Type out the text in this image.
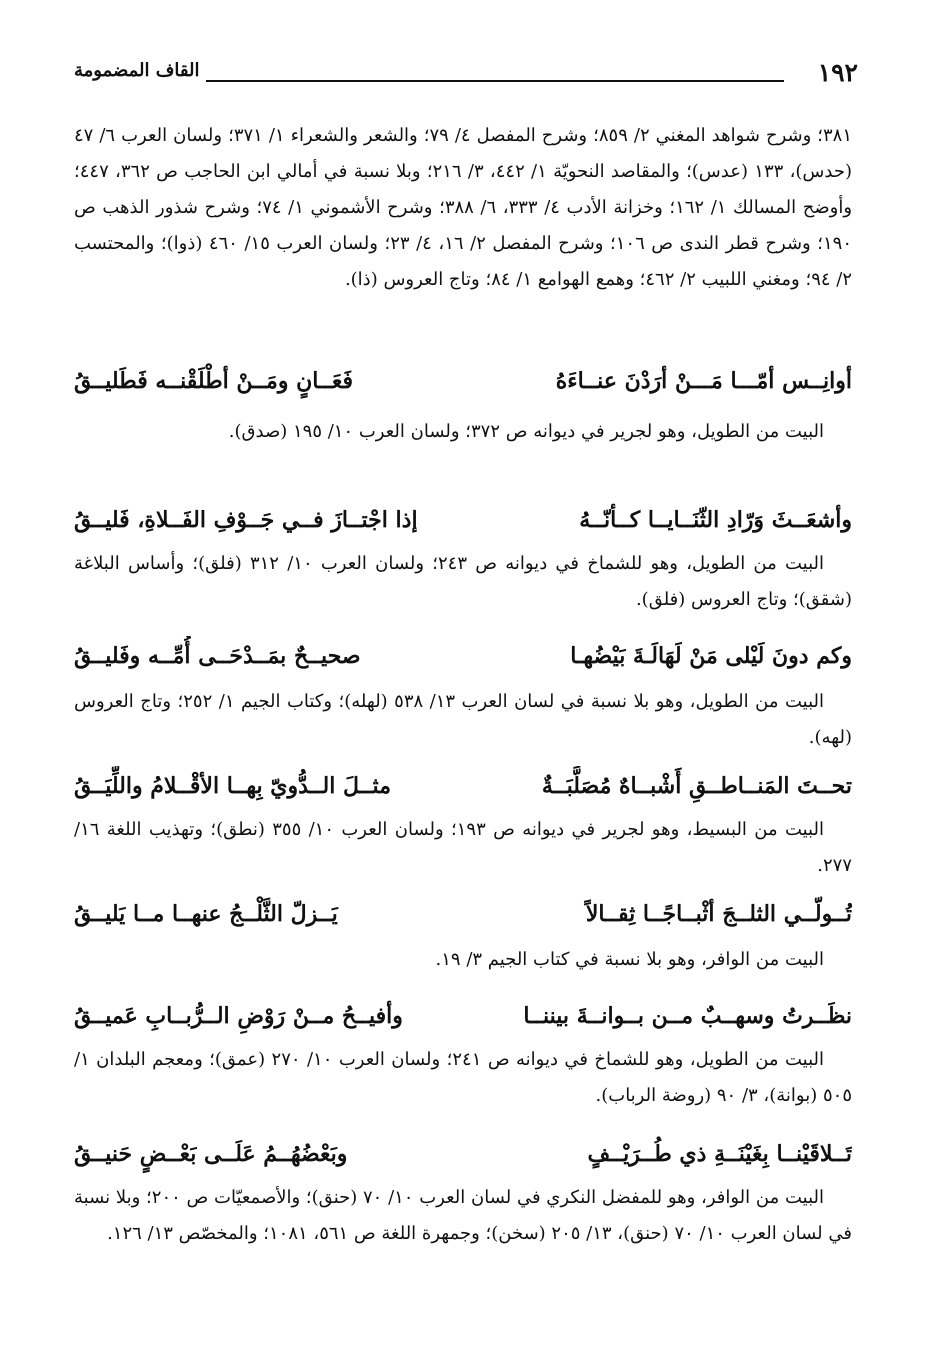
١٩٢
القاف المضمومة

٣٨١؛ وشرح شواهد المغني ٢/ ٨٥٩؛ وشرح المفصل ٤/ ٧٩؛ والشعر والشعراء ١/ ٣٧١؛ ولسان العرب ٦/ ٤٧ (حدس)، ١٣٣ (عدس)؛ والمقاصد النحويّة ١/ ٤٤٢، ٣/ ٢١٦؛ وبلا نسبة في أمالي ابن الحاجب ص ٣٦٢، ٤٤٧؛ وأوضح المسالك ١/ ١٦٢؛ وخزانة الأدب ٤/ ٣٣٣، ٦/ ٣٨٨؛ وشرح الأشموني ١/ ٧٤؛ وشرح شذور الذهب ص ١٩٠؛ وشرح قطر الندى ص ١٠٦؛ وشرح المفصل ٢/ ١٦، ٤/ ٢٣؛ ولسان العرب ١٥/ ٤٦٠ (ذوا)؛ والمحتسب ٢/ ٩٤؛ ومغني اللبيب ٢/ ٤٦٢؛ وهمع الهوامع ١/ ٨٤؛ وتاج العروس (ذا).

أوانِــس أمّـــا مَـــنْ أرَدْنَ عنــاءَهُ
فَعَــانٍ ومَــنْ أطْلَقْنــه فَطَليــقُ

البيت من الطويل، وهو لجرير في ديوانه ص ٣٧٢؛ ولسان العرب ١٠/ ١٩٥ (صدق).

وأشعَــثَ وَرّادِ الثّنَــايــا كــأنّــهُ
إذا اجْتــازَ فــي جَــوْفِ الفَــلاةِ، فَليــقُ

البيت من الطويل، وهو للشماخ في ديوانه ص ٢٤٣؛ ولسان العرب ١٠/ ٣١٢ (فلق)؛ وأساس البلاغة (شقق)؛ وتاج العروس (فلق).

وكم دونَ لَيْلى مَنْ لَهَالَـةَ بَيْضُهـا
صحيــحٌ بمَــدْحَــى أُمِّــه وفَليــقُ

البيت من الطويل، وهو بلا نسبة في لسان العرب ١٣/ ٥٣٨ (لهله)؛ وكتاب الجيم ١/ ٢٥٢؛ وتاج العروس (لهه).

تحــتَ المَنــاطــقِ أَشْبــاهٌ مُصَلَّبَــةٌ
مثــلَ الــدُّويّ بِهــا الأقْــلامُ واللِّيَــقُ

البيت من البسيط، وهو لجرير في ديوانه ص ١٩٣؛ ولسان العرب ١٠/ ٣٥٥ (نطق)؛ وتهذيب اللغة ١٦/ ٢٧٧.

تُــولّــي الثلــجَ أثْبــاجًــا ثِقــالاً
يَــزلّ الثَّلْــجُ عنهــا مــا يَليــقُ

البيت من الوافر، وهو بلا نسبة في كتاب الجيم ٣/ ١٩.

نظَــرتُ وسهــبٌ مــن بــوانــةَ بيننــا
وأفيــحُ مــنْ رَوْضِ الــرُّبــابِ عَميــقُ

البيت من الطويل، وهو للشماخ في ديوانه ص ٢٤١؛ ولسان العرب ١٠/ ٢٧٠ (عمق)؛ ومعجم البلدان ١/ ٥٠٥ (بوانة)، ٣/ ٩٠ (روضة الرباب).

تَــلاقَيْنــا بِغَيْنَــةِ ذي طُــرَيْــفٍ
وبَعْضُهُــمُ عَلَــى بَعْــضٍ حَنيــقُ

البيت من الوافر، وهو للمفضل النكري في لسان العرب ١٠/ ٧٠ (حنق)؛ والأصمعيّات ص ٢٠٠؛ وبلا نسبة في لسان العرب ١٠/ ٧٠ (حنق)، ١٣/ ٢٠٥ (سخن)؛ وجمهرة اللغة ص ٥٦١، ١٠٨١؛ والمخصّص ١٣/ ١٢٦.
